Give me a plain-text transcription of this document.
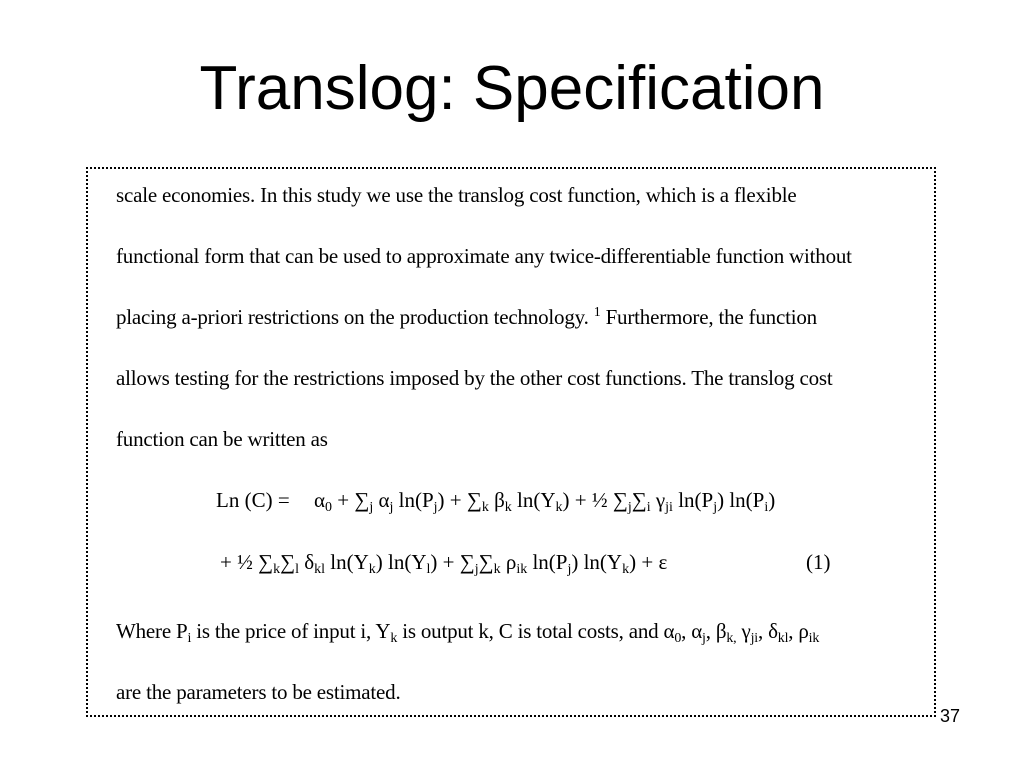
Translog: Specification
scale economies. In this study we use the translog cost function, which is a flexible
functional form that can be used to approximate any twice-differentiable function without
placing a-priori restrictions on the production technology. $^1$ Furthermore, the function
allows testing for the restrictions imposed by the other cost functions. The translog cost
function can be written as
Ln $(C) = \alpha_0 + \sum_j$ $\alpha_j$ $\ln(P_j) + \sum_k$ $\beta_k$ $\ln(Y_k)$ + ½ $\sum_j\sum_i$ $\gamma_{ji}$ $\ln(P_j)$ $\ln(P_i)$
+ ½ $\sum_k\sum_l$ $\delta_{kl}$ $\ln(Y_k) \ln(Y_l) + \sum_j\sum_k$ $\rho_{ik}$ $\ln(P_j) \ln(Y_k) + \varepsilon$	(1)
Where $P_i$ is the price of input i, $Y_k$ is output k, C is total costs, and $\alpha_0$, $\alpha_j$, $\beta_{k,}$ $\gamma_{ji}$, $\delta_{kl}$, $\rho_{ik}$
are the parameters to be estimated.
37
